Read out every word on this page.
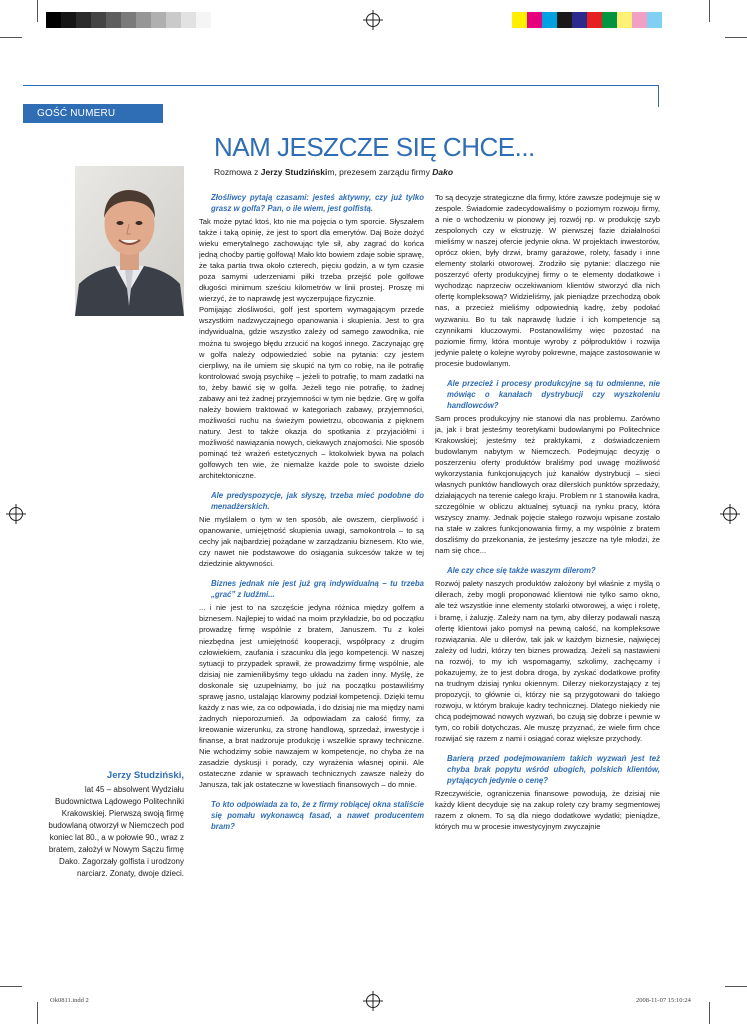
GOŚĆ NUMERU
NAM JESZCZE SIĘ CHCE...
Rozmowa z Jerzy Studzińskim, prezesem zarządu firmy Dako
Jerzy Studziński,
lat 45 – absolwent Wydziału Budownictwa Lądowego Politechniki Krakowskiej. Pierwszą swoją firmę budowlaną otworzył w Niemczech pod koniec lat 80., a w połowie 90., wraz z bratem, założył w Nowym Sączu firmę Dako. Zagorzały golfista i urodzony narciarz. Zonaty, dwoje dzieci.

Złośliwcy pytają czasami: jesteś aktywny, czy już tylko grasz w golfa? Pan, o ile wiem, jest golfistą.

Tak może pytać ktoś, kto nie ma pojęcia o tym sporcie. Słyszałem także i taką opinię, że jest to sport dla emerytów. Daj Boże dożyć wieku emerytalnego zachowując tyle sił, aby zagrać do końca jedną choćby partię golfową! Mało kto bowiem zdaje sobie sprawę, że taka partia trwa około czterech, pięciu godzin, a w tym czasie poza samymi uderzeniami piłki trzeba przejść pole golfowe długości minimum sześciu kilometrów w linii prostej. Proszę mi wierzyć, że to naprawdę jest wyczerpujące fizycznie.

Pomijając złośliwości, golf jest sportem wymagającym przede wszystkim nadzwyczajnego opanowania i skupienia. Jest to gra indywidualna, gdzie wszystko zależy od samego zawodnika, nie można tu swojego błędu zrzucić na kogoś innego. Zaczynając grę w golfa należy odpowiedzieć sobie na pytania: czy jestem cierpliwy, na ile umiem się skupić na tym co robię, na ile potrafię kontrolować swoją psychikę – jeżeli to potrafię, to mam zadatki na to, żeby bawić się w golfa. Jeżeli tego nie potrafię, to żadnej zabawy ani też żadnej przyjemności w tym nie będzie. Grę w golfa należy bowiem traktować w kategoriach zabawy, przyjemności, możliwości ruchu na świeżym powietrzu, obcowania z pięknem natury. Jest to także okazja do spotkania z przyjaciółmi i możliwość nawiązania nowych, ciekawych znajomości. Nie sposób pominąć też wrażeń estetycznych – ktokolwiek bywa na polach golfowych ten wie, że niemalże każde pole to swoiste dzieło architektoniczne.

Ale predyspozycje, jak słyszę, trzeba mieć podobne do menadżerskich.

Nie myślałem o tym w ten sposób, ale owszem, cierpliwość i opanowanie, umiejętność skupienia uwagi, samokontrola – to są cechy jak najbardziej pożądane w zarządzaniu biznesem. Kto wie, czy nawet nie podstawowe do osiągania sukcesów także w tej dziedzinie aktywności.

Biznes jednak nie jest już grą indywidualną – tu trzeba „grać” z ludźmi...

... i nie jest to na szczęście jedyna różnica między golfem a biznesem. Najlepiej to widać na moim przykładzie, bo od początku prowadzę firmę wspólnie z bratem, Januszem. Tu z kolei niezbędna jest umiejętność kooperacji, współpracy z drugim człowiekiem, zaufania i szacunku dla jego kompetencji. W naszej sytuacji to przypadek sprawił, że prowadzimy firmę wspólnie, ale dzisiaj nie zamienilibyśmy tego układu na żaden inny. Myślę, że doskonale się uzupełniamy, bo już na początku postawiliśmy sprawę jasno, ustalając klarowny podział kompetencji. Dzięki temu każdy z nas wie, za co odpowiada, i do dzisiaj nie ma między nami żadnych nieporozumień. Ja odpowiadam za całość firmy, za kreowanie wizerunku, za stronę handlową, sprzedaż, inwestycje i finanse, a brat nadzoruje produkcję i wszelkie sprawy techniczne. Nie wchodzimy sobie nawzajem w kompetencje, no chyba że na zasadzie dyskusji i porady, czy wyrażenia własnej opinii. Ale ostateczne zdanie w sprawach technicznych zawsze należy do Janusza, tak jak ostateczne w kwestiach finansowych – do mnie.

To kto odpowiada za to, że z firmy robiącej okna staliście się pomału wykonawcą fasad, a nawet producentem bram?

To są decyzje strategiczne dla firmy, które zawsze podejmuje się w zespole. Świadomie zadecydowaliśmy o poziomym rozwoju firmy, a nie o wchodzeniu w pionowy jej rozwój np. w produkcję szyb zespolonych czy w ekstruzję. W pierwszej fazie działalności mieliśmy w naszej ofercie jedynie okna. W projektach inwestorów, oprócz okien, były drzwi, bramy garażowe, rolety, fasady i inne elementy stolarki otworowej. Zrodziło się pytanie: dlaczego nie poszerzyć oferty produkcyjnej firmy o te elementy dodatkowe i wychodząc naprzeciw oczekiwaniom klientów stworzyć dla nich ofertę kompleksową? Widzieliśmy, jak pieniądze przechodzą obok nas, a przecież mieliśmy odpowiednią kadrę, żeby podołać wyzwaniu. Bo tu tak naprawdę ludzie i ich kompetencje są czynnikami kluczowymi. Postanowiliśmy więc pozostać na poziomie firmy, która montuje wyroby z półproduktów i rozwija jedynie paletę o kolejne wyroby pokrewne, mające zastosowanie w procesie budowlanym.

Ale przecież i procesy produkcyjne są tu odmienne, nie mówiąc o kanałach dystrybucji czy wyszkoleniu handlowców?

Sam proces produkcyjny nie stanowi dla nas problemu. Zarówno ja, jak i brat jesteśmy teoretykami budowlanymi po Politechnice Krakowskiej; jesteśmy też praktykami, z doświadczeniem budowlanym nabytym w Niemczech. Podejmując decyzję o poszerzeniu oferty produktów braliśmy pod uwagę możliwość wykorzystania funkcjonujących już kanałów dystrybucji – sieci własnych punktów handlowych oraz dilerskich punktów sprzedaży, działających na terenie całego kraju. Problem nr 1 stanowiła kadra, szczególnie w obliczu aktualnej sytuacji na rynku pracy, która wszyscy znamy. Jednak pojęcie stałego rozwoju wpisane zostało na stałe w zakres funkcjonowania firmy, a my wspólnie z bratem doszliśmy do przekonania, że jesteśmy jeszcze na tyle młodzi, że nam się chce...

Ale czy chce się także waszym dilerom?

Rozwój palety naszych produktów założony był właśnie z myślą o dilerach, żeby mogli proponować klientowi nie tylko samo okno, ale też wszystkie inne elementy stolarki otworowej, a więc i roletę, i bramę, i żaluzję. Zależy nam na tym, aby dilerzy podawali naszą ofertę klientowi jako pomysł na pewną całość, na kompleksowe rozwiązania. Ale u dilerów, tak jak w każdym biznesie, najwięcej zależy od ludzi, którzy ten biznes prowadzą. Jeżeli są nastawieni na rozwój, to my ich wspomagamy, szkolimy, zachęcamy i pokazujemy, że to jest dobra droga, by zyskać dodatkowe profity na trudnym dzisiaj rynku okiennym. Dilerzy niekorzystający z tej propozycji, to głównie ci, którzy nie są przygotowani do takiego rozwoju, w którym brakuje kadry technicznej. Dlatego niekiedy nie chcą podejmować nowych wyzwań, bo czują się dobrze i pewnie w tym, co robili dotychczas. Ale muszę przyznać, że wiele firm chce rozwijać się razem z nami i osiągać coraz większe przychody.

Barierą przed podejmowaniem takich wyzwań jest też chyba brak popytu wśród ubogich, polskich klientów, pytających jedynie o cenę?

Rzeczywiście, ograniczenia finansowe powodują, że dzisiaj nie każdy klient decyduje się na zakup rolety czy bramy segmentowej razem z oknem. To są dla niego dodatkowe wydatki; pieniądze, których mu w procesie inwestycyjnym zwyczajnie

Ok0811.indd 2	2008-11-07 15:10:24
